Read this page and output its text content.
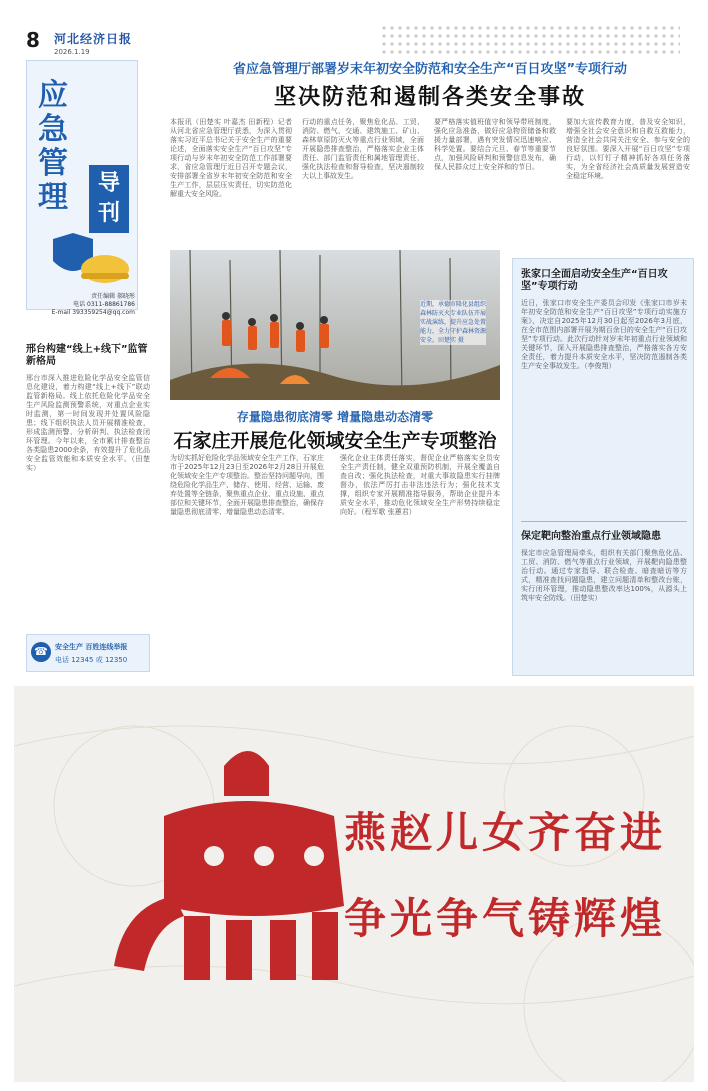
8 河北经济日报
2026.1.19
应
急
管
理	导刊
责任编辑 郝晓彤
电话 0311-88861786
E-mail 393359254@qq.com
省应急管理厅部署岁末年初安全防范和安全生产“百日攻坚”专项行动
坚决防范和遏制各类安全事故
本报讯（田楚实 叶嘉杰 田新程）记者从河北省应急管理厅获悉，为深入贯彻落实习近平总书记关于安全生产的重要论述，全面落实安全生产“百日攻坚”专项行动与岁末年初安全防范工作部署要求，省应急管理厅近日召开专题会议，安排部署全省岁末年初安全防范和安全生产工作，层层压实责任，切实防范化解重大安全风险。
行动的重点任务，聚焦危化品、工贸、消防、燃气、交通、建筑施工、矿山、森林草原防灭火等重点行业领域，全面开展隐患排查整治，严格落实企业主体责任、部门监管责任和属地管理责任，强化执法检查和督导检查，坚决遏制较大以上事故发生。
要严格落实值班值守和领导带班制度，强化应急准备，做好应急物资储备和救援力量部署，遇有突发情况迅速响应、科学处置。要结合元旦、春节等重要节点，加强风险研判和预警信息发布，确保人民群众过上安全祥和的节日。
要加大宣传教育力度，普及安全知识，增强全社会安全意识和自救互救能力，营造全社会共同关注安全、参与安全的良好氛围。要深入开展“百日攻坚”专项行动，以钉钉子精神抓好各项任务落实，为全省经济社会高质量发展营造安全稳定环境。
近期，承德市隆化县组织森林防灭火专业队伍开展实战演练，提升应急处置能力，全力守护森林资源安全。田楚实 摄
邢台构建“线上+线下”监管新格局
邢台市深入推进危险化学品安全监管信息化建设，着力构建“线上+线下”联动监管新格局。线上依托危险化学品安全生产风险监测预警系统，对重点企业实时监测，第一时间发现并处置风险隐患；线下组织执法人员开展精准检查，形成监测预警、分析研判、执法检查闭环管理。今年以来，全市累计排查整治各类隐患2000余条，有效提升了危化品安全监管效能和本质安全水平。（田楚实）
☎	安全生产 百姓连线举报
电话 12345 或 12350
存量隐患彻底清零 增量隐患动态清零
石家庄开展危化领域安全生产专项整治
为切实抓好危险化学品领域安全生产工作，石家庄市于2025年12月23日至2026年2月28日开展危化领域安全生产专项整治。整治坚持问题导向，围绕危险化学品生产、储存、使用、经营、运输、废弃处置等全链条，聚焦重点企业、重点设施、重点部位和关键环节，全面开展隐患排查整治，确保存量隐患彻底清零、增量隐患动态清零。
强化企业主体责任落实，督促企业严格落实全员安全生产责任制，健全双重预防机制，开展全覆盖自查自改；强化执法检查，对重大事故隐患实行挂牌督办，依法严厉打击非法违法行为；强化技术支撑，组织专家开展精准指导服务，帮助企业提升本质安全水平，推动危化领域安全生产形势持续稳定向好。（程军歌 张蕙君）
张家口全面启动安全生产“百日攻坚”专项行动
近日，张家口市安全生产委员会印发《张家口市岁末年初安全防范和安全生产“百日攻坚”专项行动实施方案》，决定自2025年12月30日起至2026年3月底，在全市范围内部署开展为期百余日的安全生产“百日攻坚”专项行动。此次行动针对岁末年初重点行业领域和关键环节，深入开展隐患排查整治，严格落实各方安全责任，着力提升本质安全水平，坚决防范遏制各类生产安全事故发生。（李俊翔）
保定靶向整治重点行业领域隐患
保定市应急管理局牵头，组织有关部门聚焦危化品、工贸、消防、燃气等重点行业领域，开展靶向隐患整治行动。通过专家指导、联合检查、暗查暗访等方式，精准查找问题隐患，建立问题清单和整改台账，实行闭环管理，推动隐患整改率达100%，从源头上筑牢安全防线。（田楚实）
燕赵儿女齐奋进
争光争气铸辉煌
